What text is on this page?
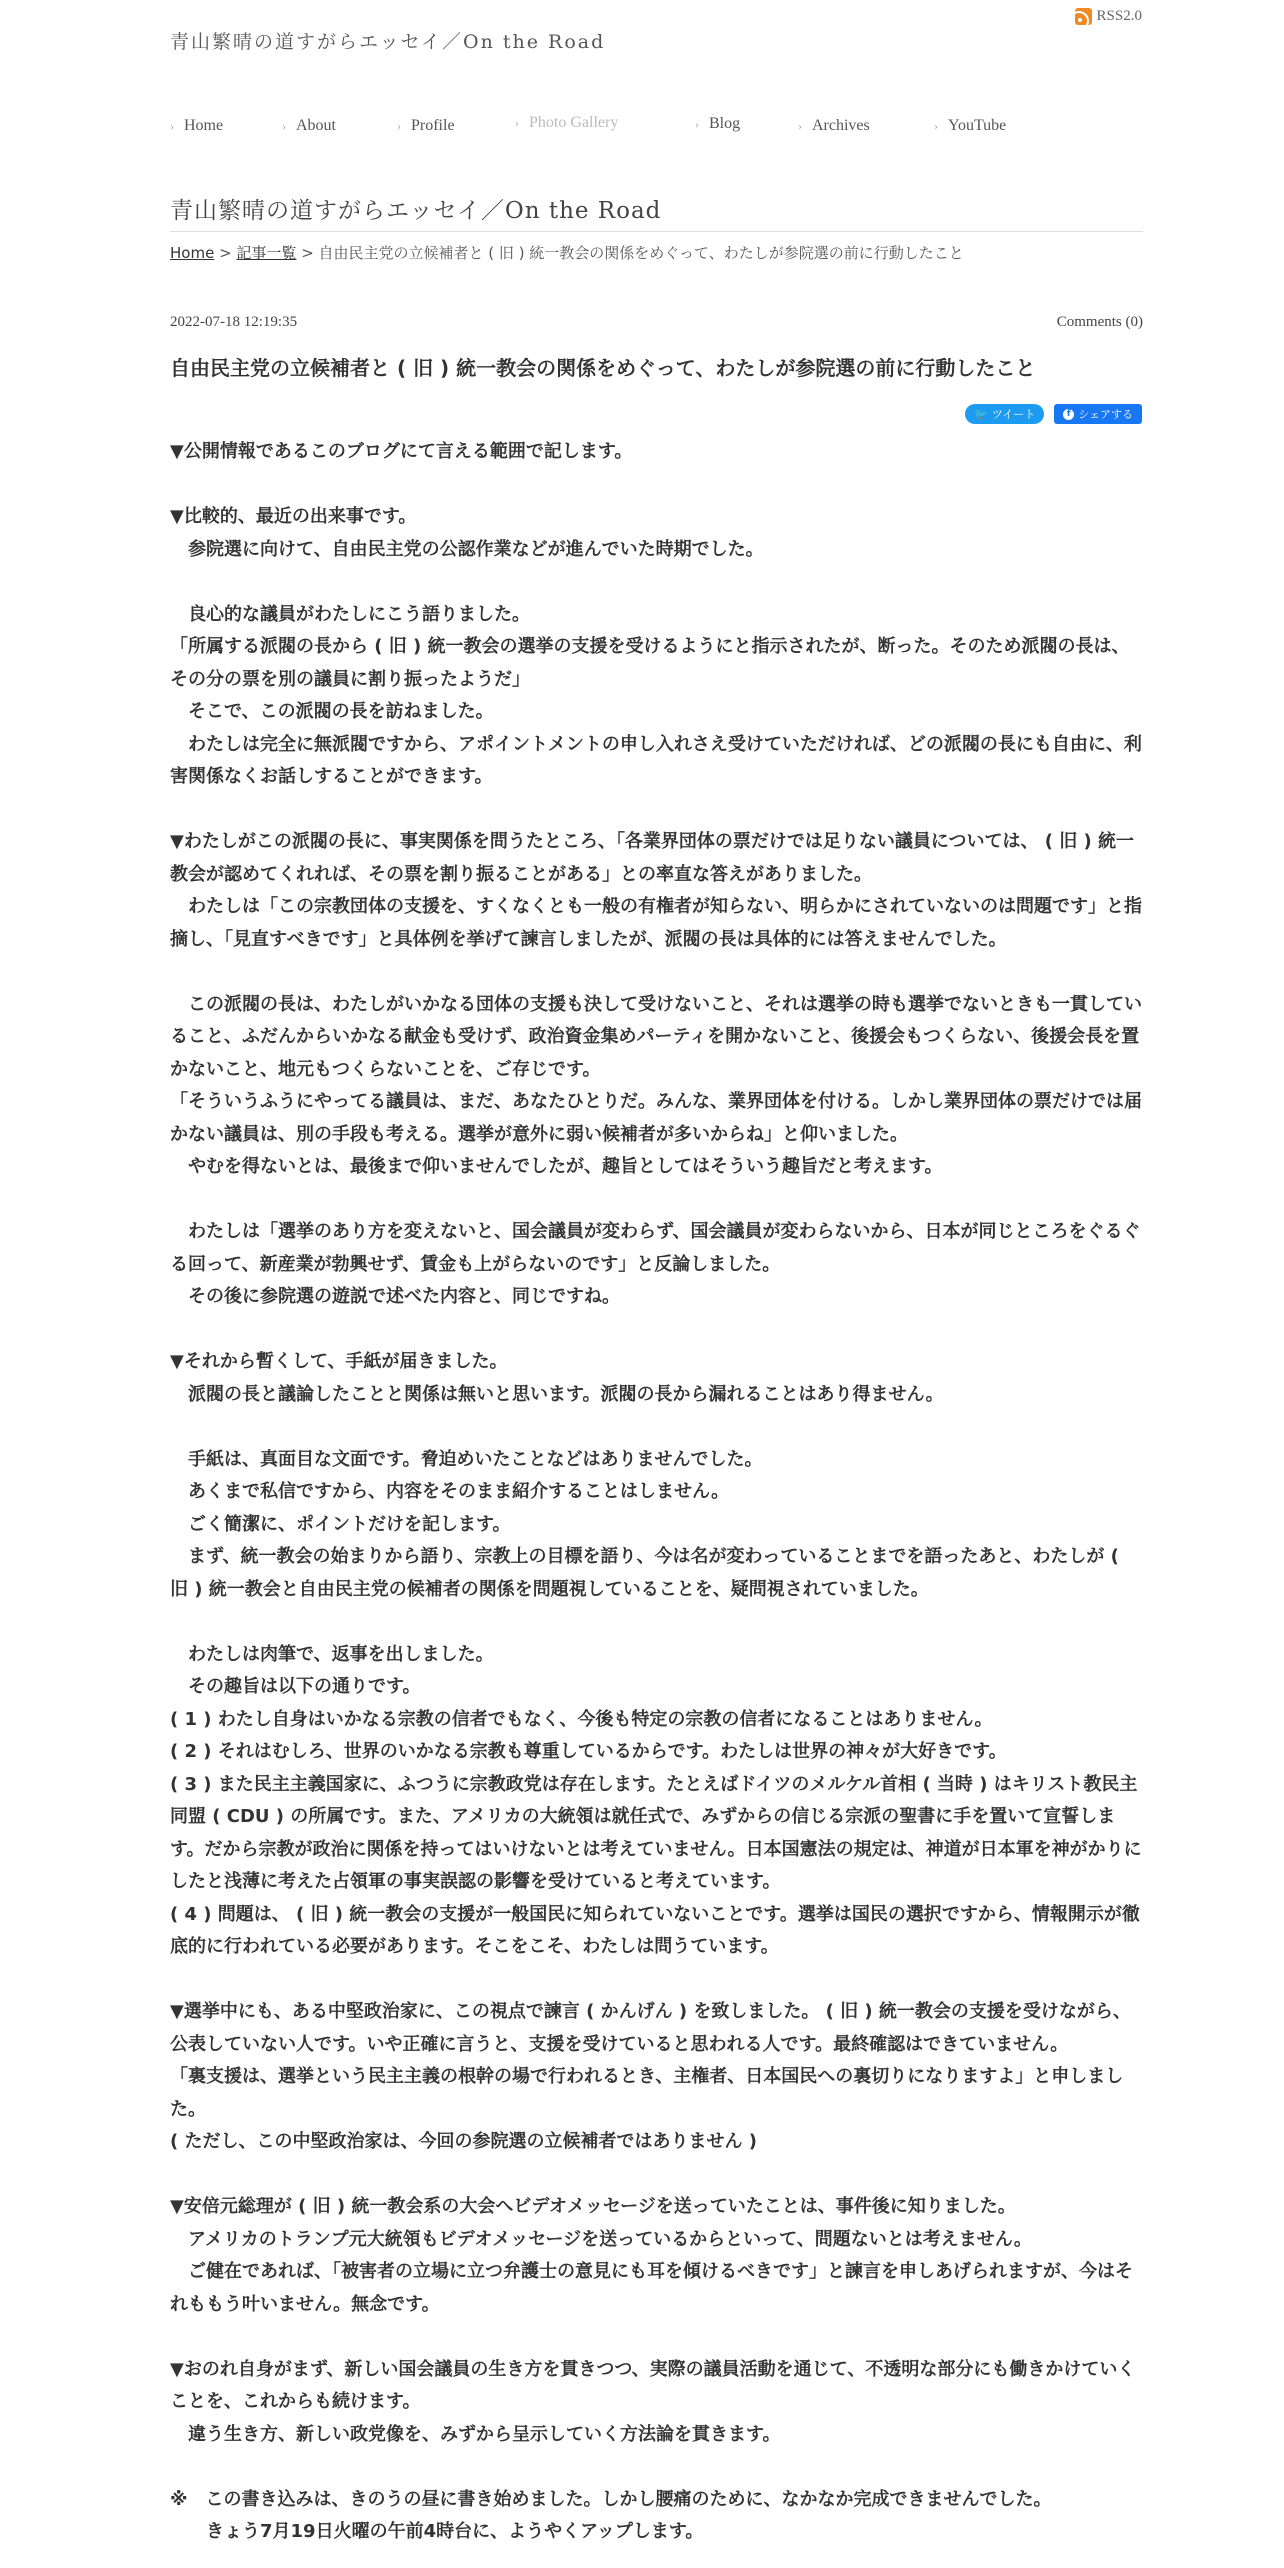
青山繁晴の道すがらエッセイ／On the Road
RSS2.0
› Home	› About	› Profile	› Photo Gallery	› Blog	› Archives	› YouTube
青山繁晴の道すがらエッセイ／On the Road
Home > 記事一覧 > 自由民主党の立候補者と ( 旧 ) 統一教会の関係をめぐって、わたしが参院選の前に行動したこと
2022-07-18 12:19:35	Comments (0)
自由民主党の立候補者と ( 旧 ) 統一教会の関係をめぐって、わたしが参院選の前に行動したこと
🐦 ツイート	f シェアする

▼公開情報であるこのブログにて言える範囲で記します。

▼比較的、最近の出来事です。

　参院選に向けて、自由民主党の公認作業などが進んでいた時期でした。

　良心的な議員がわたしにこう語りました。

「所属する派閥の長から ( 旧 ) 統一教会の選挙の支援を受けるようにと指示されたが、断った。そのため派閥の長は、その分の票を別の議員に割り振ったようだ」

　そこで、この派閥の長を訪ねました。

　わたしは完全に無派閥ですから、アポイントメントの申し入れさえ受けていただければ、どの派閥の長にも自由に、利害関係なくお話しすることができます。

▼わたしがこの派閥の長に、事実関係を問うたところ、「各業界団体の票だけでは足りない議員については、 ( 旧 ) 統一教会が認めてくれれば、その票を割り振ることがある」との率直な答えがありました。

　わたしは「この宗教団体の支援を、すくなくとも一般の有権者が知らない、明らかにされていないのは問題です」と指摘し、「見直すべきです」と具体例を挙げて諫言しましたが、派閥の長は具体的には答えませんでした。

　この派閥の長は、わたしがいかなる団体の支援も決して受けないこと、それは選挙の時も選挙でないときも一貫していること、ふだんからいかなる献金も受けず、政治資金集めパーティを開かないこと、後援会もつくらない、後援会長を置かないこと、地元もつくらないことを、ご存じです。

「そういうふうにやってる議員は、まだ、あなたひとりだ。みんな、業界団体を付ける。しかし業界団体の票だけでは届かない議員は、別の手段も考える。選挙が意外に弱い候補者が多いからね」と仰いました。

　やむを得ないとは、最後まで仰いませんでしたが、趣旨としてはそういう趣旨だと考えます。

　わたしは「選挙のあり方を変えないと、国会議員が変わらず、国会議員が変わらないから、日本が同じところをぐるぐる回って、新産業が勃興せず、賃金も上がらないのです」と反論しました。

　その後に参院選の遊説で述べた内容と、同じですね。

▼それから暫くして、手紙が届きました。

　派閥の長と議論したことと関係は無いと思います。派閥の長から漏れることはあり得ません。

　手紙は、真面目な文面です。脅迫めいたことなどはありませんでした。

　あくまで私信ですから、内容をそのまま紹介することはしません。

　ごく簡潔に、ポイントだけを記します。

　まず、統一教会の始まりから語り、宗教上の目標を語り、今は名が変わっていることまでを語ったあと、わたしが ( 旧 ) 統一教会と自由民主党の候補者の関係を問題視していることを、疑問視されていました。

　わたしは肉筆で、返事を出しました。

　その趣旨は以下の通りです。

( 1 ) わたし自身はいかなる宗教の信者でもなく、今後も特定の宗教の信者になることはありません。

( 2 ) それはむしろ、世界のいかなる宗教も尊重しているからです。わたしは世界の神々が大好きです。

( 3 ) また民主主義国家に、ふつうに宗教政党は存在します。たとえばドイツのメルケル首相 ( 当時 ) はキリスト教民主同盟 ( CDU ) の所属です。また、アメリカの大統領は就任式で、みずからの信じる宗派の聖書に手を置いて宣誓します。だから宗教が政治に関係を持ってはいけないとは考えていません。日本国憲法の規定は、神道が日本軍を神がかりにしたと浅薄に考えた占領軍の事実誤認の影響を受けていると考えています。

( 4 ) 問題は、 ( 旧 ) 統一教会の支援が一般国民に知られていないことです。選挙は国民の選択ですから、情報開示が徹底的に行われている必要があります。そこをこそ、わたしは問うています。

▼選挙中にも、ある中堅政治家に、この視点で諫言 ( かんげん ) を致しました。 ( 旧 ) 統一教会の支援を受けながら、公表していない人です。いや正確に言うと、支援を受けていると思われる人です。最終確認はできていません。

「裏支援は、選挙という民主主義の根幹の場で行われるとき、主権者、日本国民への裏切りになりますよ」と申しました。

( ただし、この中堅政治家は、今回の参院選の立候補者ではありません )

▼安倍元総理が ( 旧 ) 統一教会系の大会へビデオメッセージを送っていたことは、事件後に知りました。

　アメリカのトランプ元大統領もビデオメッセージを送っているからといって、問題ないとは考えません。

　ご健在であれば、「被害者の立場に立つ弁護士の意見にも耳を傾けるべきです」と諫言を申しあげられますが、今はそれももう叶いません。無念です。

▼おのれ自身がまず、新しい国会議員の生き方を貫きつつ、実際の議員活動を通じて、不透明な部分にも働きかけていくことを、これからも続けます。

　違う生き方、新しい政党像を、みずから呈示していく方法論を貫きます。

※　この書き込みは、きのうの昼に書き始めました。しかし腰痛のために、なかなか完成できませんでした。

　　きょう7月19日火曜の午前4時台に、ようやくアップします。
